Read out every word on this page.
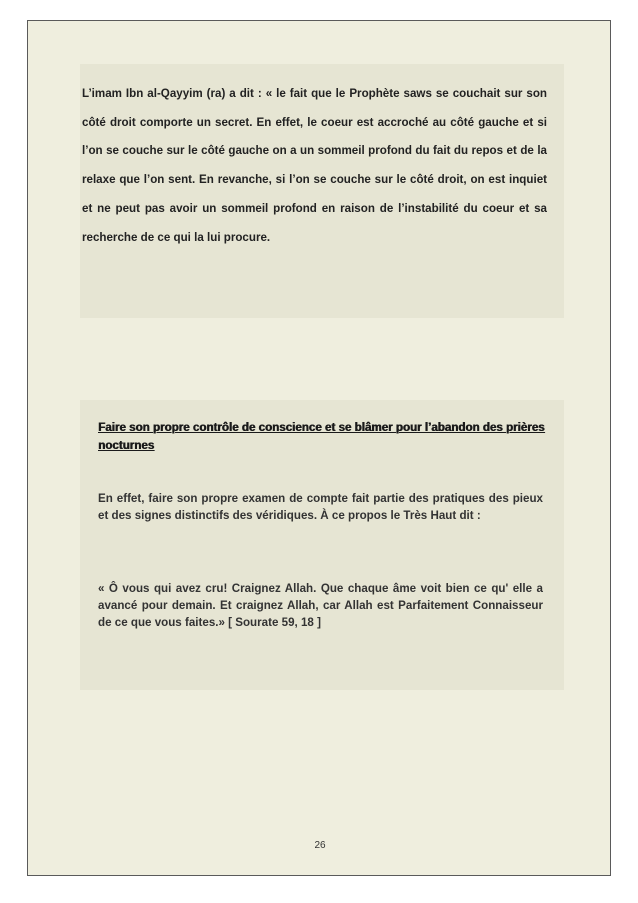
L’imam Ibn al-Qayyim (ra) a dit : « le fait que le Prophète saws se couchait sur son côté droit comporte un secret. En effet, le coeur est accroché au côté gauche et si l’on se couche sur le côté gauche on a un sommeil profond du fait du repos et de la relaxe que l’on sent. En revanche, si l’on se couche sur le côté droit, on est inquiet et ne peut pas avoir un sommeil profond en raison de l’instabilité du coeur et sa recherche de ce qui la lui procure.
Faire son propre contrôle de conscience et se blâmer pour l’abandon des prières nocturnes
En effet, faire son propre examen de compte fait partie des pratiques des pieux et des signes distinctifs des véridiques. À ce propos le Très Haut dit :
« Ô vous qui avez cru! Craignez Allah. Que chaque âme voit bien ce qu' elle a avancé pour demain. Et craignez Allah, car Allah est Parfaitement Connaisseur de ce que vous faites.» [ Sourate 59, 18 ]
26
